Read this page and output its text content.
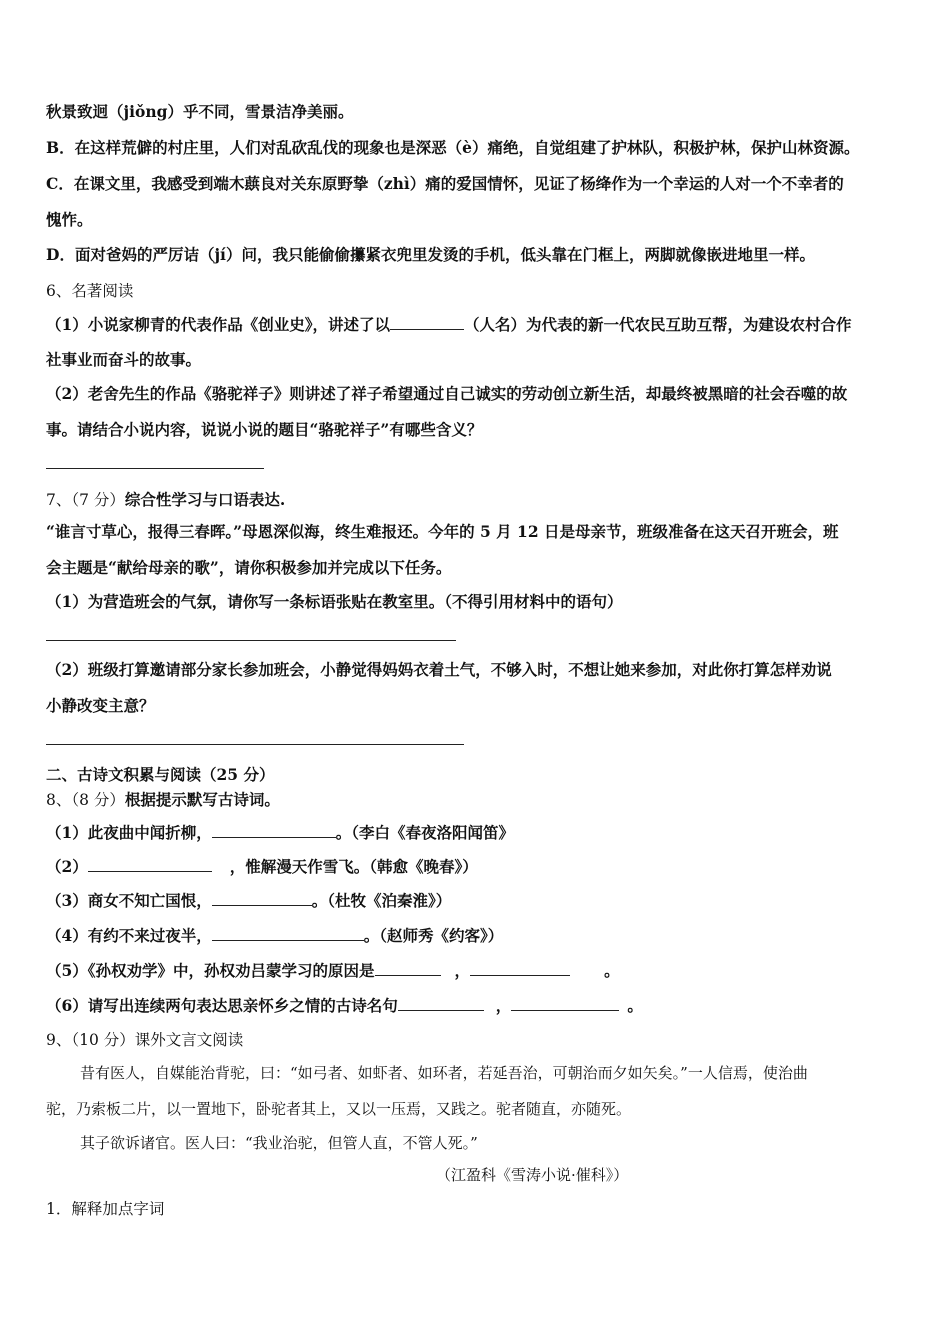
秋景致迥（jiǒng）乎不同，雪景洁净美丽。
B．在这样荒僻的村庄里，人们对乱砍乱伐的现象也是深恶（è）痛绝，自觉组建了护林队，积极护林，保护山林资源。
C．在课文里，我感受到端木蕻良对关东原野挚（zhì）痛的爱国情怀，见证了杨绛作为一个幸运的人对一个不幸者的
愧怍。
D．面对爸妈的严厉诘（jí）问，我只能偷偷攥紧衣兜里发烫的手机，低头靠在门框上，两脚就像嵌进地里一样。
6、名著阅读
（1）小说家柳青的代表作品《创业史》，讲述了以	（人名）为代表的新一代农民互助互帮，为建设农村合作
社事业而奋斗的故事。
（2）老舍先生的作品《骆驼祥子》则讲述了祥子希望通过自己诚实的劳动创立新生活，却最终被黑暗的社会吞噬的故
事。请结合小说内容，说说小说的题目“骆驼祥子”有哪些含义？
7、（7 分）综合性学习与口语表达.
“谁言寸草心，报得三春晖。”母恩深似海，终生难报还。今年的 5 月 12 日是母亲节，班级准备在这天召开班会，班
会主题是“献给母亲的歌”，请你积极参加并完成以下任务。
（1）为营造班会的气氛，请你写一条标语张贴在教室里。（不得引用材料中的语句）
（2）班级打算邀请部分家长参加班会，小静觉得妈妈衣着土气，不够入时，不想让她来参加，对此你打算怎样劝说
小静改变主意？
二、古诗文积累与阅读（25 分）
8、（8 分）根据提示默写古诗词。
（1）此夜曲中闻折柳，	。（李白《春夜洛阳闻笛》
（2）	，惟解漫天作雪飞。（韩愈《晚春》）
（3）商女不知亡国恨，	。（杜牧《泊秦淮》）
（4）有约不来过夜半，	。（赵师秀《约客》）
（5）《孙权劝学》中，孙权劝吕蒙学习的原因是	，	。
（6）请写出连续两句表达思亲怀乡之情的古诗名句	，	。
9、（10 分）课外文言文阅读
昔有医人，自媒能治背驼，曰：“如弓者、如虾者、如环者，若延吾治，可朝治而夕如矢矣。”一人信焉，使治曲
驼，乃索板二片，以一置地下，卧驼者其上，又以一压焉，又践之。驼者随直，亦随死。
其子欲诉诸官。医人曰：“我业治驼，但管人直，不管人死。”
（江盈科《雪涛小说·催科》）
1．解释加点字词
